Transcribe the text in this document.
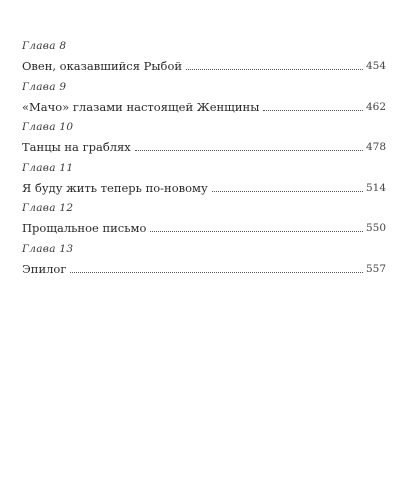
Глава 8
Овен, оказавшийся Рыбой	454
Глава 9
«Мачо» глазами настоящей Женщины	462
Глава 10
Танцы на граблях	478
Глава 11
Я буду жить теперь по-новому	514
Глава 12
Прощальное письмо	550
Глава 13
Эпилог	557
